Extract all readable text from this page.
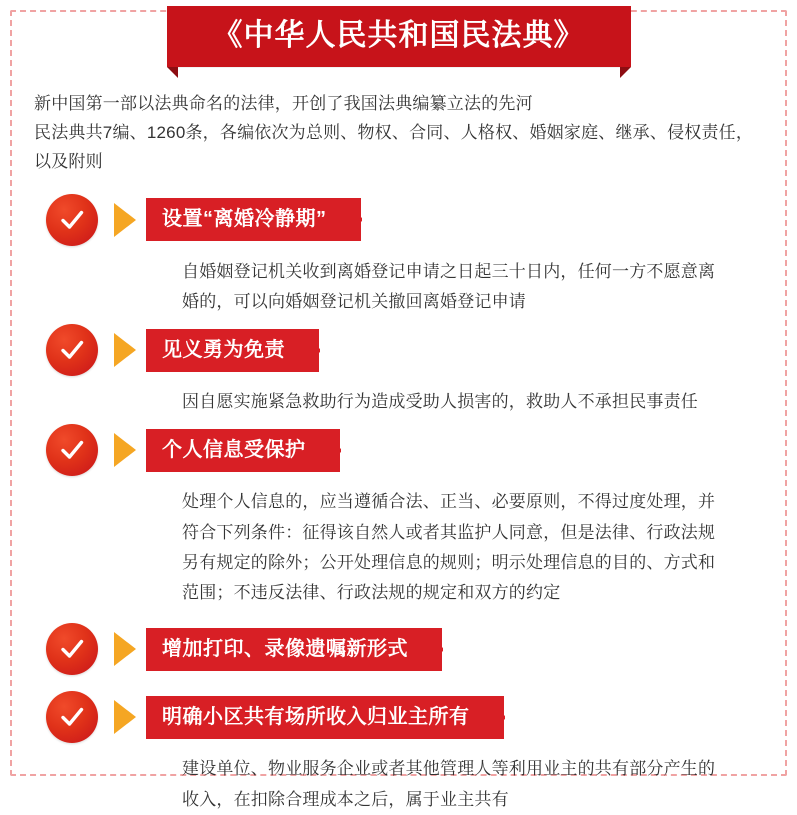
《中华人民共和国民法典》

新中国第一部以法典命名的法律，开创了我国法典编纂立法的先河

民法典共7编、1260条，各编依次为总则、物权、合同、人格权、婚姻家庭、继承、侵权责任，以及附则

设置“离婚冷静期”

自婚姻登记机关收到离婚登记申请之日起三十日内，任何一方不愿意离婚的，可以向婚姻登记机关撤回离婚登记申请

见义勇为免责

因自愿实施紧急救助行为造成受助人损害的，救助人不承担民事责任

个人信息受保护

处理个人信息的，应当遵循合法、正当、必要原则，不得过度处理，并符合下列条件：征得该自然人或者其监护人同意，但是法律、行政法规另有规定的除外；公开处理信息的规则；明示处理信息的目的、方式和范围；不违反法律、行政法规的规定和双方的约定

增加打印、录像遗嘱新形式
明确小区共有场所收入归业主所有

建设单位、物业服务企业或者其他管理人等利用业主的共有部分产生的收入，在扣除合理成本之后，属于业主共有
